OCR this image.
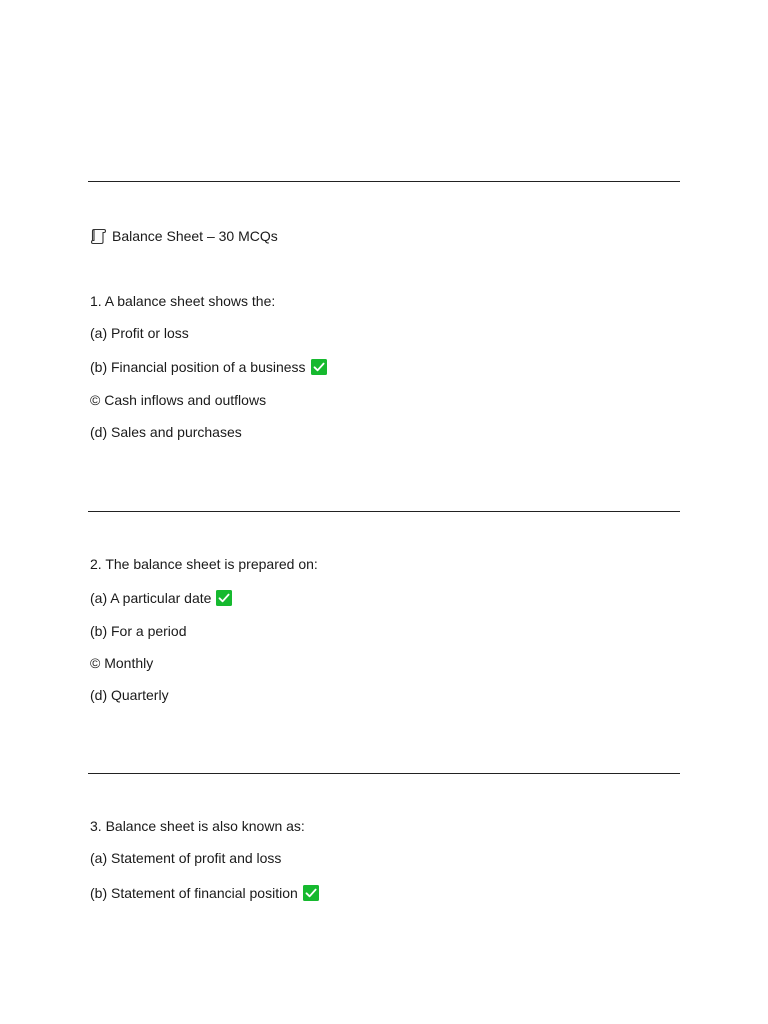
Balance Sheet – 30 MCQs
1. A balance sheet shows the:
(a) Profit or loss
(b) Financial position of a business
© Cash inflows and outflows
(d) Sales and purchases
2. The balance sheet is prepared on:
(a) A particular date
(b) For a period
© Monthly
(d) Quarterly
3. Balance sheet is also known as:
(a) Statement of profit and loss
(b) Statement of financial position
